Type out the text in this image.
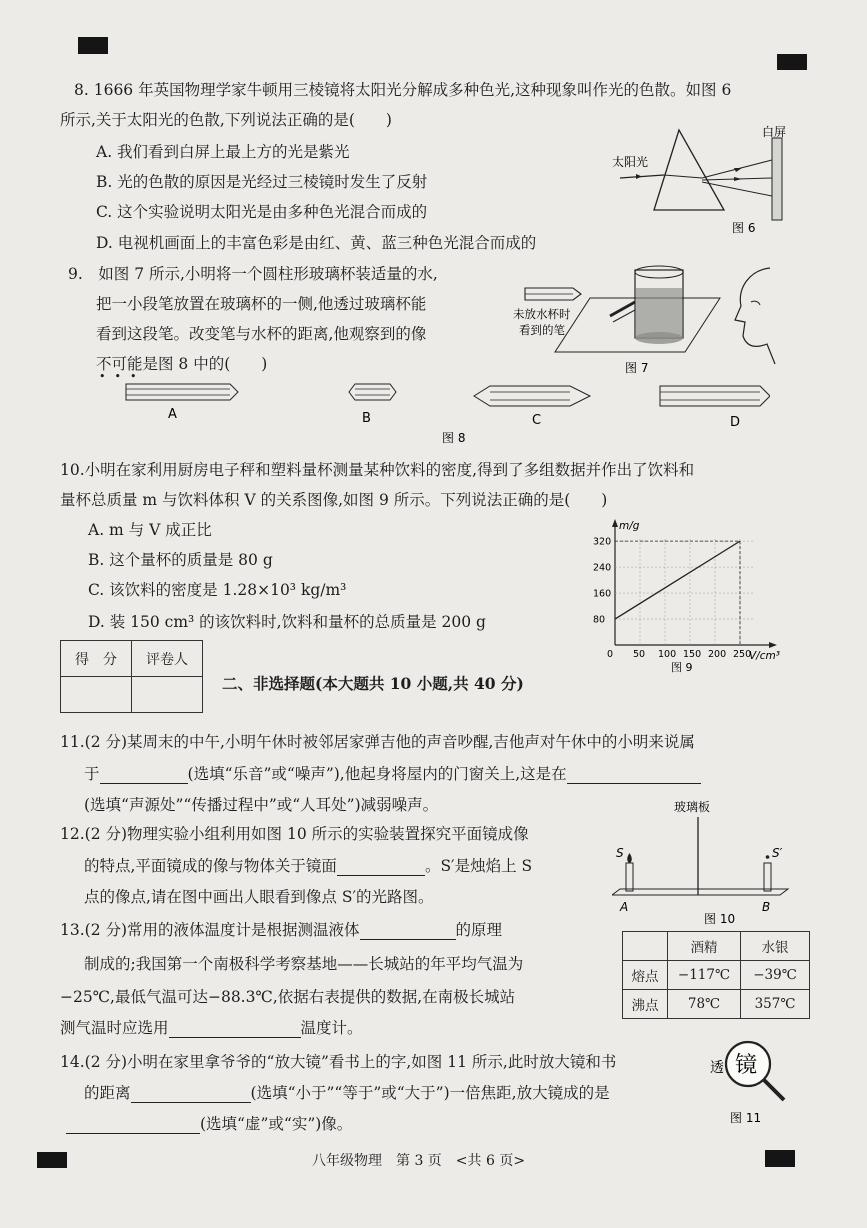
8. 1666 年英国物理学家牛顿用三棱镜将太阳光分解成多种色光,这种现象叫作光的色散。如图 6
所示,关于太阳光的色散,下列说法正确的是(　　)
A. 我们看到白屏上最上方的光是紫光
B. 光的色散的原因是光经过三棱镜时发生了反射
C. 这个实验说明太阳光是由多种色光混合而成的
D. 电视机画面上的丰富色彩是由红、黄、蓝三种色光混合而成的
白屏
太阳光
图 6
9.　如图 7 所示,小明将一个圆柱形玻璃杯装适量的水,
把一小段笔放置在玻璃杯的一侧,他透过玻璃杯能
看到这段笔。改变笔与水杯的距离,他观察到的像
不可能是图 8 中的(　　)
•••
未放水杯时
看到的笔
图 7
A	B	C	D
图 8
10.小明在家利用厨房电子秤和塑料量杯测量某种饮料的密度,得到了多组数据并作出了饮料和
量杯总质量 m 与饮料体积 V 的关系图像,如图 9 所示。下列说法正确的是(　　)
A. m 与 V 成正比
B. 这个量杯的质量是 80 g
C. 该饮料的密度是 1.28×10³ kg/m³
D. 装 150 cm³ 的该饮料时,饮料和量杯的总质量是 200 g
0 50 100 150 200 250
80
160
240
320
m/g
V/cm³
图 9
得　分	评卷人

二、非选择题(本大题共 10 小题,共 40 分)
11.(2 分)某周末的中午,小明午休时被邻居家弹吉他的声音吵醒,吉他声对午休中的小明来说属
于	(选填“乐音”或“噪声”),他起身将屋内的门窗关上,这是在
(选填“声源处”“传播过程中”或“人耳处”)减弱噪声。
12.(2 分)物理实验小组利用如图 10 所示的实验装置探究平面镜成像
的特点,平面镜成的像与物体关于镜面	。S′是烛焰上 S
点的像点,请在图中画出人眼看到像点 S′的光路图。
玻璃板
S	S′
A	B
图 10
13.(2 分)常用的液体温度计是根据测温液体	的原理
制成的;我国第一个南极科学考察基地——长城站的年平均气温为
−25℃,最低气温可达−88.3℃,依据右表提供的数据,在南极长城站
测气温时应选用	温度计。
	酒精	水银
熔点	−117℃	−39℃
沸点	78℃	357℃
14.(2 分)小明在家里拿爷爷的“放大镜”看书上的字,如图 11 所示,此时放大镜和书
的距离	(选填“小于”“等于”或“大于”)一倍焦距,放大镜成的是
(选填“虚”或“实”)像。
透 镜
图 11
八年级物理　第 3 页　<共 6 页>
